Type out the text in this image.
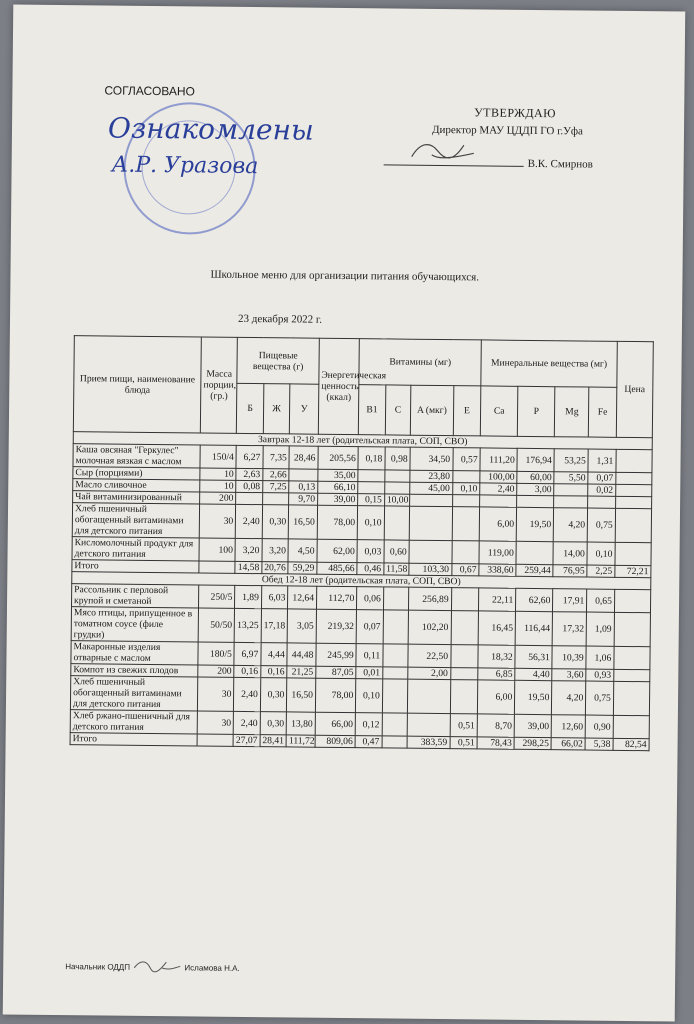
СОГЛАСОВАНО
Ознакомлены
А.Р. Уразова
УТВЕРЖДАЮ
Директор МАУ ЦДДП ГО г.Уфа
В.К. Смирнов
Школьное меню для организации питания обучающихся.
23 декабря 2022 г.
Прием пищи, наименование блюда	Масса порции, (гр.)	Пищевые вещества (г)			Энергетическая ценность (ккал)	Витамины (мг)				Минеральные вещества (мг)				Цена
		Б	Ж	У		B1	C	A (мкг)	E	Ca	P	Mg	Fe	
Завтрак 12-18 лет (родительская плата, СОП, СВО)														
Каша овсяная "Геркулес" молочная вязкая с маслом	150/4	6,27	7,35	28,46	205,56	0,18	0,98	34,50	0,57	111,20	176,94	53,25	1,31	
Сыр (порциями)	10	2,63	2,66		35,00			23,80		100,00	60,00	5,50	0,07	
Масло сливочное	10	0,08	7,25	0,13	66,10			45,00	0,10	2,40	3,00		0,02	
Чай витаминизированный	200			9,70	39,00	0,15	10,00							
Хлеб пшеничный обогащенный витаминами для детского питания	30	2,40	0,30	16,50	78,00	0,10				6,00	19,50	4,20	0,75	
Кисломолочный продукт для детского питания	100	3,20	3,20	4,50	62,00	0,03	0,60			119,00		14,00	0,10	
Итого		14,58	20,76	59,29	485,66	0,46	11,58	103,30	0,67	338,60	259,44	76,95	2,25	72,21
Обед 12-18 лет (родительская плата, СОП, СВО)														
Рассольник с перловой крупой и сметаной	250/5	1,89	6,03	12,64	112,70	0,06		256,89		22,11	62,60	17,91	0,65	
Мясо птицы, припущенное в томатном соусе (филе грудки)	50/50	13,25	17,18	3,05	219,32	0,07		102,20		16,45	116,44	17,32	1,09	
Макаронные изделия отварные с маслом	180/5	6,97	4,44	44,48	245,99	0,11		22,50		18,32	56,31	10,39	1,06	
Компот из свежих плодов	200	0,16	0,16	21,25	87,05	0,01		2,00		6,85	4,40	3,60	0,93	
Хлеб пшеничный обогащенный витаминами для детского питания	30	2,40	0,30	16,50	78,00	0,10				6,00	19,50	4,20	0,75	
Хлеб ржано-пшеничный для детского питания	30	2,40	0,30	13,80	66,00	0,12			0,51	8,70	39,00	12,60	0,90	
Итого		27,07	28,41	111,72	809,06	0,47		383,59	0,51	78,43	298,25	66,02	5,38	82,54
Начальник ОДДП	Исламова Н.А.
